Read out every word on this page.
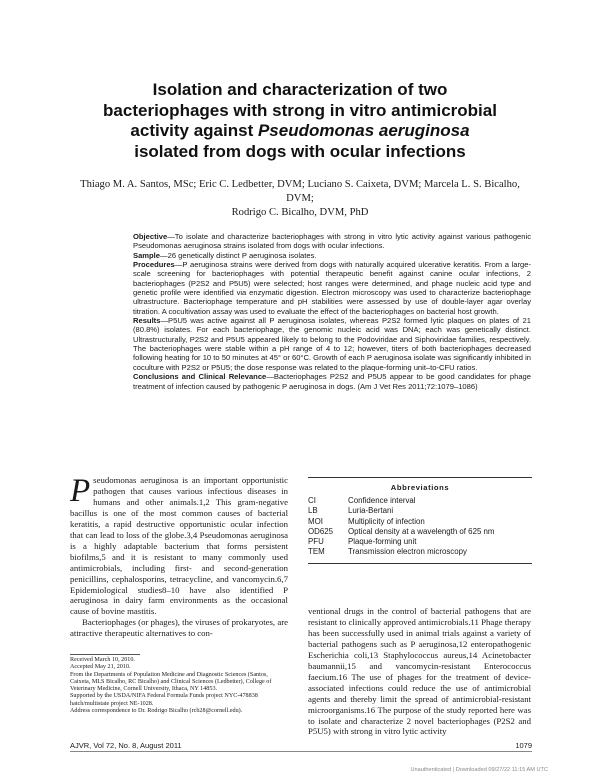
Isolation and characterization of two
bacteriophages with strong in vitro antimicrobial
activity against Pseudomonas aeruginosa
isolated from dogs with ocular infections
Thiago M. A. Santos, MSc; Eric C. Ledbetter, DVM; Luciano S. Caixeta, DVM; Marcela L. S. Bicalho, DVM;
Rodrigo C. Bicalho, DVM, PhD

Objective—To isolate and characterize bacteriophages with strong in vitro lytic activity against various pathogenic Pseudomonas aeruginosa strains isolated from dogs with ocular infections.

Sample—26 genetically distinct P aeruginosa isolates.

Procedures—P aeruginosa strains were derived from dogs with naturally acquired ulcerative keratitis. From a large-scale screening for bacteriophages with potential therapeutic benefit against canine ocular infections, 2 bacteriophages (P2S2 and P5U5) were selected; host ranges were determined, and phage nucleic acid type and genetic profile were identified via enzymatic digestion. Electron microscopy was used to characterize bacteriophage ultrastructure. Bacteriophage temperature and pH stabilities were assessed by use of double-layer agar overlay titration. A cocultivation assay was used to evaluate the effect of the bacteriophages on bacterial host growth.

Results—P5U5 was active against all P aeruginosa isolates, whereas P2S2 formed lytic plaques on plates of 21 (80.8%) isolates. For each bacteriophage, the genomic nucleic acid was DNA; each was genetically distinct. Ultrastructurally, P2S2 and P5U5 appeared likely to belong to the Podoviridae and Siphoviridae families, respectively. The bacteriophages were stable within a pH range of 4 to 12; however, titers of both bacteriophages decreased following heating for 10 to 50 minutes at 45° or 60°C. Growth of each P aeruginosa isolate was significantly inhibited in coculture with P2S2 or P5U5; the dose response was related to the plaque-forming unit–to-CFU ratios.

Conclusions and Clinical Relevance—Bacteriophages P2S2 and P5U5 appear to be good candidates for phage treatment of infection caused by pathogenic P aeruginosa in dogs. (Am J Vet Res 2011;72:1079–1086)

Pseudomonas aeruginosa is an important opportunistic pathogen that causes various infectious diseases in humans and other animals.1,2 This gram-negative bacillus is one of the most common causes of bacterial keratitis, a rapid destructive opportunistic ocular infection that can lead to loss of the globe.3,4 Pseudomonas aeruginosa is a highly adaptable bacterium that forms persistent biofilms,5 and it is resistant to many commonly used antimicrobials, including first- and second-generation penicillins, cephalosporins, tetracycline, and vancomycin.6,7 Epidemiological studies8–10 have also identified P aeruginosa in dairy farm environments as the occasional cause of bovine mastitis.

Bacteriophages (or phages), the viruses of prokaryotes, are attractive therapeutic alternatives to con-

Abbreviations
CI	Confidence interval
LB	Luria-Bertani
MOI	Multiplicity of infection
OD625	Optical density at a wavelength of 625 nm
PFU	Plaque-forming unit
TEM	Transmission electron microscopy

ventional drugs in the control of bacterial pathogens that are resistant to clinically approved antimicrobials.11 Phage therapy has been successfully used in animal trials against a variety of bacterial pathogens such as P aeruginosa,12 enteropathogenic Escherichia coli,13 Staphylococcus aureus,14 Acinetobacter baumannii,15 and vancomycin-resistant Enterococcus faecium.16 The use of phages for the treatment of device-associated infections could reduce the use of antimicrobial agents and thereby limit the spread of antimicrobial-resistant microorganisms.16 The purpose of the study reported here was to isolate and characterize 2 novel bacteriophages (P2S2 and P5U5) with strong in vitro lytic activity

Received March 10, 2010.

Accepted May 21, 2010.

From the Departments of Population Medicine and Diagnostic Sciences (Santos, Caixeta, MLS Bicalho, RC Bicalho) and Clinical Sciences (Ledbetter), College of Veterinary Medicine, Cornell University, Ithaca, NY 14853.

Supported by the USDA/NIFA Federal Formula Funds project NYC-478838 hatch/multistate project NE-1028.

Address correspondence to Dr. Rodrigo Bicalho (rcb28@cornell.edu).

AJVR, Vol 72, No. 8, August 2011	1079
Unauthenticated | Downloaded 09/27/22 11:15 AM UTC
